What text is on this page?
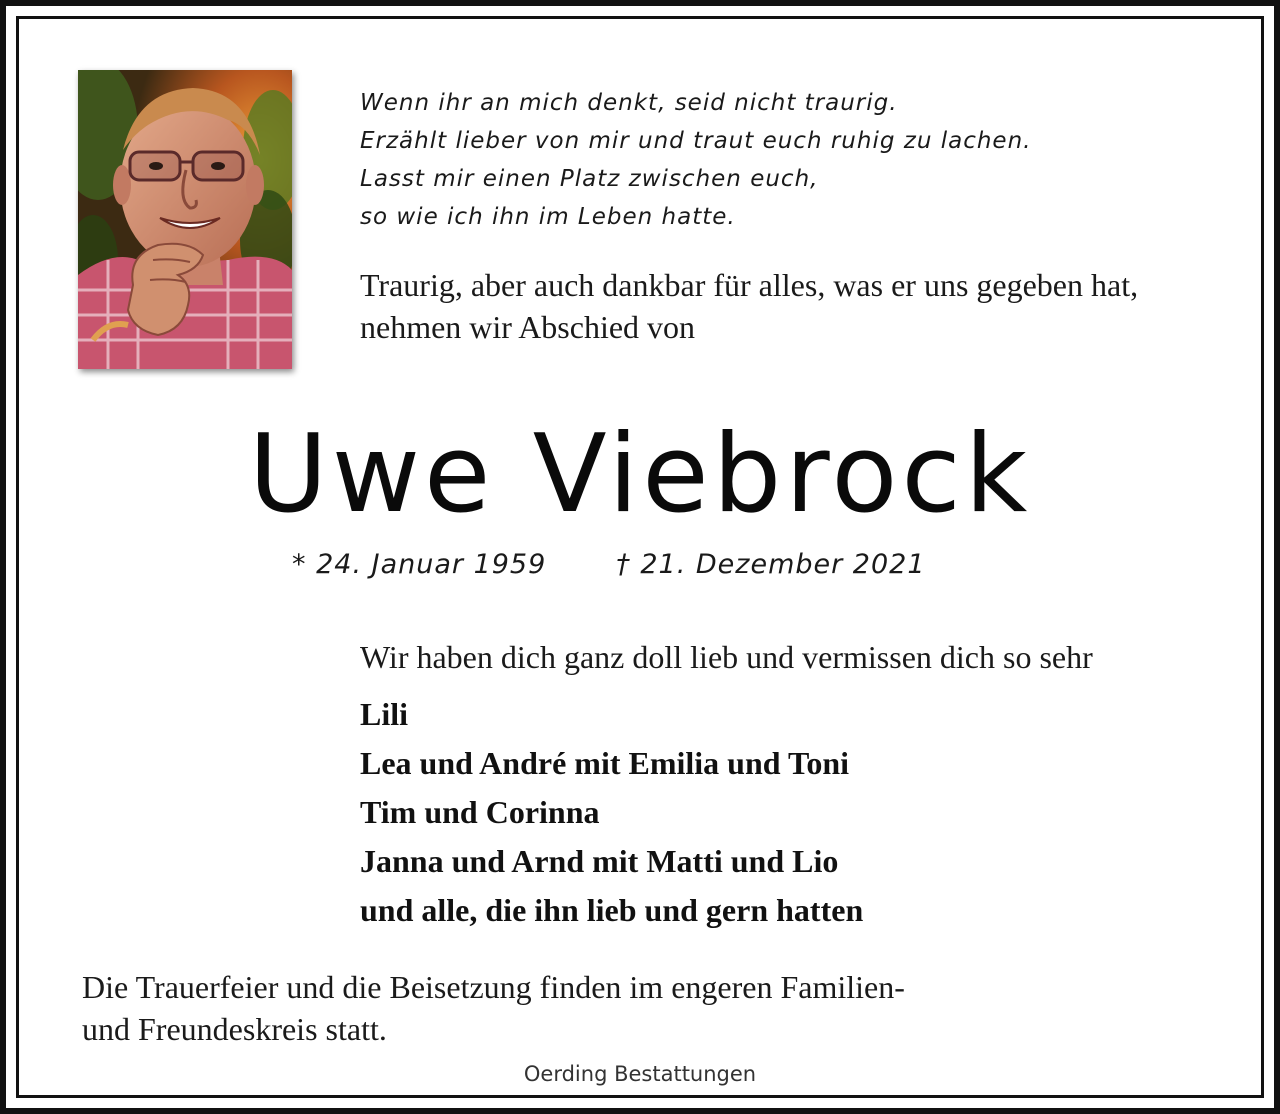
Wenn ihr an mich denkt, seid nicht traurig.
Erzählt lieber von mir und traut euch ruhig zu lachen.
Lasst mir einen Platz zwischen euch,
so wie ich ihn im Leben hatte.
Traurig, aber auch dankbar für alles, was er uns gegeben hat,
nehmen wir Abschied von
Uwe Viebrock
* 24. Januar 1959	† 21. Dezember 2021
Wir haben dich ganz doll lieb und vermissen dich so sehr
Lili
Lea und André mit Emilia und Toni
Tim und Corinna
Janna und Arnd mit Matti und Lio
und alle, die ihn lieb und gern hatten
Die Trauerfeier und die Beisetzung finden im engeren Familien-
und Freundeskreis statt.
Oerding Bestattungen
